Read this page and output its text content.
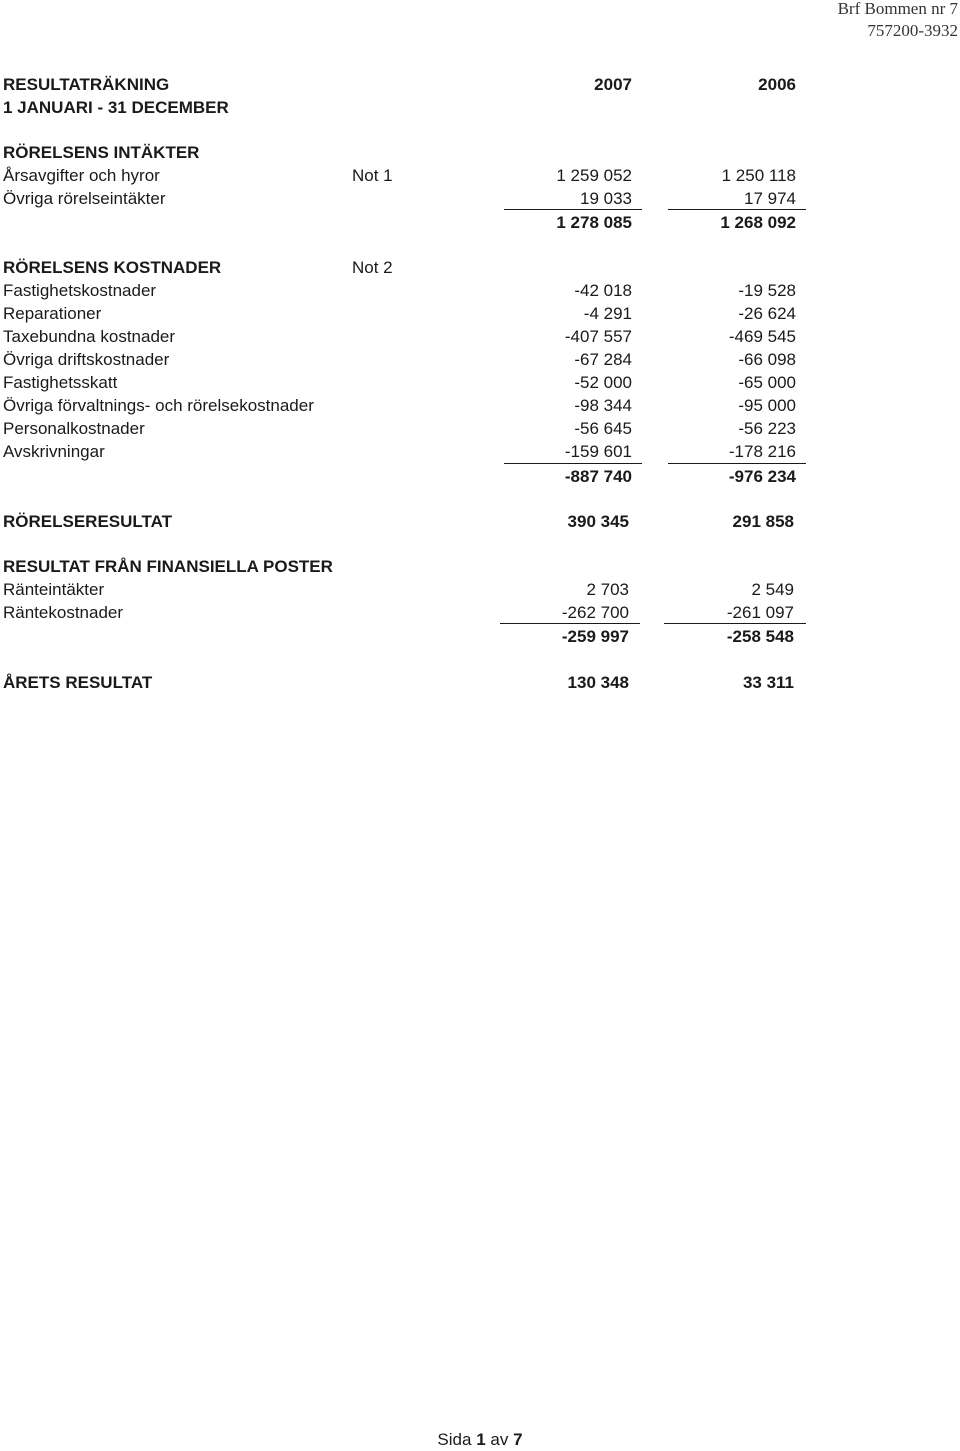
Brf Bommen nr 7
757200-3932
RESULTATRÄKNING	2007	2006
1 JANUARI - 31 DECEMBER
RÖRELSENS INTÄKTER
Årsavgifter och hyror	Not 1	1 259 052	1 250 118
Övriga rörelseintäkter	19 033	17 974
1 278 085	1 268 092
RÖRELSENS KOSTNADER	Not 2
Fastighetskostnader	-42 018	-19 528
Reparationer	-4 291	-26 624
Taxebundna kostnader	-407 557	-469 545
Övriga driftskostnader	-67 284	-66 098
Fastighetsskatt	-52 000	-65 000
Övriga förvaltnings- och rörelsekostnader	-98 344	-95 000
Personalkostnader	-56 645	-56 223
Avskrivningar	-159 601	-178 216
-887 740	-976 234
RÖRELSERESULTAT	390 345	291 858
RESULTAT FRÅN FINANSIELLA POSTER
Ränteintäkter	2 703	2 549
Räntekostnader	-262 700	-261 097
-259 997	-258 548
ÅRETS RESULTAT	130 348	33 311
Sida 1 av 7
